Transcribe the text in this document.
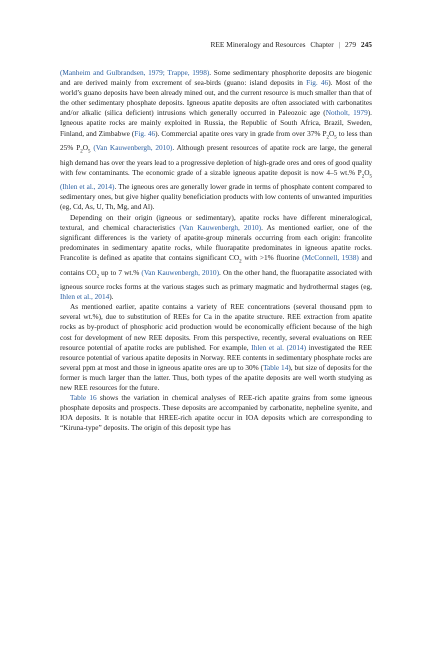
REE Mineralogy and Resources Chapter | 279 245

(Manheim and Gulbrandsen, 1979; Trappe, 1998). Some sedimentary phosphorite deposits are biogenic and are derived mainly from excrement of sea-birds (guano: island deposits in Fig. 46). Most of the world’s guano deposits have been already mined out, and the current resource is much smaller than that of the other sedimentary phosphate deposits. Igneous apatite deposits are often associated with carbonatites and/or alkalic (silica deficient) intrusions which generally occurred in Paleozoic age (Notholt, 1979). Igneous apatite rocks are mainly exploited in Russia, the Republic of South Africa, Brazil, Sweden, Finland, and Zimbabwe (Fig. 46). Commercial apatite ores vary in grade from over 37% $P_2O_5$ to less than 25% $P_2O_5$ (Van Kauwenbergh, 2010). Although present resources of apatite rock are large, the general high demand has over the years lead to a progressive depletion of high-grade ores and ores of good quality with few contaminants. The economic grade of a sizable igneous apatite deposit is now 4–5 wt.% $P_2O_5$ (Ihlen et al., 2014). The igneous ores are generally lower grade in terms of phosphate content compared to sedimentary ones, but give higher quality beneficiation products with low contents of unwanted impurities (eg, Cd, As, U, Th, Mg, and Al).

Depending on their origin (igneous or sedimentary), apatite rocks have different mineralogical, textural, and chemical characteristics (Van Kauwenbergh, 2010). As mentioned earlier, one of the significant differences is the variety of apatite-group minerals occurring from each origin: francolite predominates in sedimentary apatite rocks, while fluorapatite predominates in igneous apatite rocks. Francolite is defined as apatite that contains significant $CO_2$ with >1% fluorine (McConnell, 1938) and contains $CO_2$ up to 7 wt.% (Van Kauwenbergh, 2010). On the other hand, the fluorapatite associated with igneous source rocks forms at the various stages such as primary magmatic and hydrothermal stages (eg, Ihlen et al., 2014).

As mentioned earlier, apatite contains a variety of REE concentrations (several thousand ppm to several wt.%), due to substitution of REEs for Ca in the apatite structure. REE extraction from apatite rocks as by-product of phosphoric acid production would be economically efficient because of the high cost for development of new REE deposits. From this perspective, recently, several evaluations on REE resource potential of apatite rocks are published. For example, Ihlen et al. (2014) investigated the REE resource potential of various apatite deposits in Norway. REE contents in sedimentary phosphate rocks are several ppm at most and those in igneous apatite ores are up to 30% (Table 14), but size of deposits for the former is much larger than the latter. Thus, both types of the apatite deposits are well worth studying as new REE resources for the future.

Table 16 shows the variation in chemical analyses of REE-rich apatite grains from some igneous phosphate deposits and prospects. These deposits are accompanied by carbonatite, nepheline syenite, and IOA deposits. It is notable that HREE-rich apatite occur in IOA deposits which are corresponding to “Kiruna-type” deposits. The origin of this deposit type has
